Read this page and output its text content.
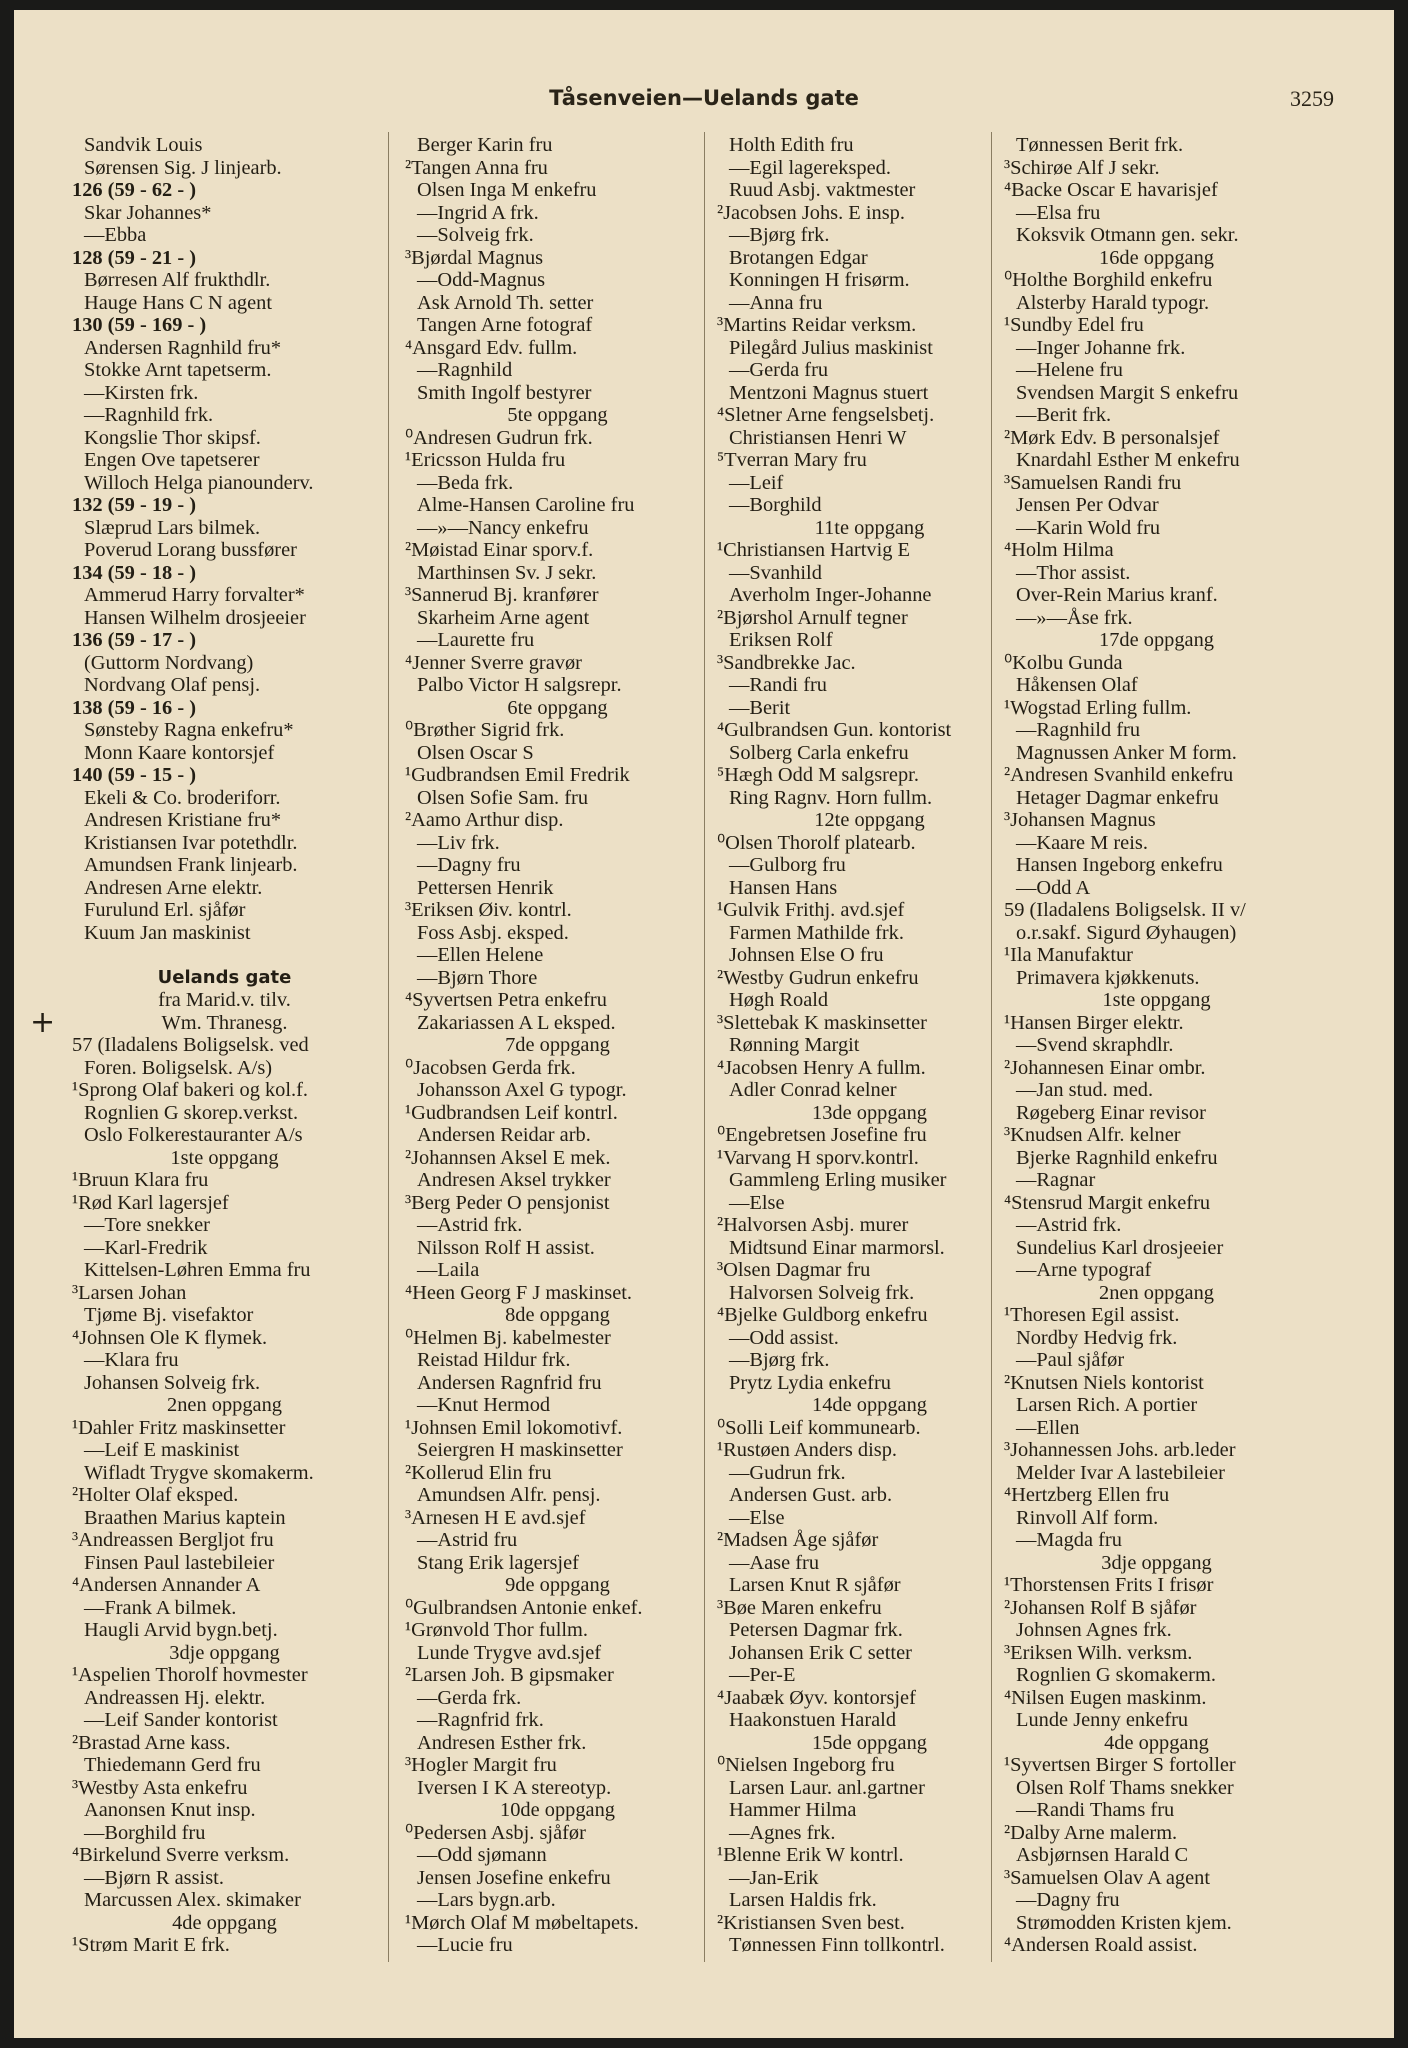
Tåsenveien—Uelands gate	3259
Sandvik Louis
Sørensen Sig. J linjearb.
126 (59 - 62 - )
Skar Johannes*
—Ebba
128 (59 - 21 - )
Børresen Alf frukthdlr.
Hauge Hans C N agent
130 (59 - 169 - )
Andersen Ragnhild fru*
Stokke Arnt tapetserm.
—Kirsten frk.
—Ragnhild frk.
Kongslie Thor skipsf.
Engen Ove tapetserer
Willoch Helga pianounderv.
132 (59 - 19 - )
Slæprud Lars bilmek.
Poverud Lorang bussfører
134 (59 - 18 - )
Ammerud Harry forvalter*
Hansen Wilhelm drosjeeier
136 (59 - 17 - )
(Guttorm Nordvang)
Nordvang Olaf pensj.
138 (59 - 16 - )
Sønsteby Ragna enkefru*
Monn Kaare kontorsjef
140 (59 - 15 - )
Ekeli & Co. broderiforr.
Andresen Kristiane fru*
Kristiansen Ivar potethdlr.
Amundsen Frank linjearb.
Andresen Arne elektr.
Furulund Erl. sjåfør
Kuum Jan maskinist
Uelands gate
fra Marid.v. tilv.
+	Wm. Thranesg.
57 (Iladalens Boligselsk. ved
Foren. Boligselsk. A/s)
¹Sprong Olaf bakeri og kol.f.
Rognlien G skorep.verkst.
Oslo Folkerestauranter A/s
1ste oppgang
¹Bruun Klara fru
¹Rød Karl lagersjef
—Tore snekker
—Karl-Fredrik
Kittelsen-Løhren Emma fru
³Larsen Johan
Tjøme Bj. visefaktor
⁴Johnsen Ole K flymek.
—Klara fru
Johansen Solveig frk.
2nen oppgang
¹Dahler Fritz maskinsetter
—Leif E maskinist
Wifladt Trygve skomakerm.
²Holter Olaf eksped.
Braathen Marius kaptein
³Andreassen Bergljot fru
Finsen Paul lastebileier
⁴Andersen Annander A
—Frank A bilmek.
Haugli Arvid bygn.betj.
3dje oppgang
¹Aspelien Thorolf hovmester
Andreassen Hj. elektr.
—Leif Sander kontorist
²Brastad Arne kass.
Thiedemann Gerd fru
³Westby Asta enkefru
Aanonsen Knut insp.
—Borghild fru
⁴Birkelund Sverre verksm.
—Bjørn R assist.
Marcussen Alex. skimaker
4de oppgang
¹Strøm Marit E frk.
Berger Karin fru
²Tangen Anna fru
Olsen Inga M enkefru
—Ingrid A frk.
—Solveig frk.
³Bjørdal Magnus
—Odd-Magnus
Ask Arnold Th. setter
Tangen Arne fotograf
⁴Ansgard Edv. fullm.
—Ragnhild
Smith Ingolf bestyrer
5te oppgang
⁰Andresen Gudrun frk.
¹Ericsson Hulda fru
—Beda frk.
Alme-Hansen Caroline fru
—»—Nancy enkefru
²Møistad Einar sporv.f.
Marthinsen Sv. J sekr.
³Sannerud Bj. kranfører
Skarheim Arne agent
—Laurette fru
⁴Jenner Sverre gravør
Palbo Victor H salgsrepr.
6te oppgang
⁰Brøther Sigrid frk.
Olsen Oscar S
¹Gudbrandsen Emil Fredrik
Olsen Sofie Sam. fru
²Aamo Arthur disp.
—Liv frk.
—Dagny fru
Pettersen Henrik
³Eriksen Øiv. kontrl.
Foss Asbj. eksped.
—Ellen Helene
—Bjørn Thore
⁴Syvertsen Petra enkefru
Zakariassen A L eksped.
7de oppgang
⁰Jacobsen Gerda frk.
Johansson Axel G typogr.
¹Gudbrandsen Leif kontrl.
Andersen Reidar arb.
²Johannsen Aksel E mek.
Andresen Aksel trykker
³Berg Peder O pensjonist
—Astrid frk.
Nilsson Rolf H assist.
—Laila
⁴Heen Georg F J maskinset.
8de oppgang
⁰Helmen Bj. kabelmester
Reistad Hildur frk.
Andersen Ragnfrid fru
—Knut Hermod
¹Johnsen Emil lokomotivf.
Seiergren H maskinsetter
²Kollerud Elin fru
Amundsen Alfr. pensj.
³Arnesen H E avd.sjef
—Astrid fru
Stang Erik lagersjef
9de oppgang
⁰Gulbrandsen Antonie enkef.
¹Grønvold Thor fullm.
Lunde Trygve avd.sjef
²Larsen Joh. B gipsmaker
—Gerda frk.
—Ragnfrid frk.
Andresen Esther frk.
³Hogler Margit fru
Iversen I K A stereotyp.
10de oppgang
⁰Pedersen Asbj. sjåfør
—Odd sjømann
Jensen Josefine enkefru
—Lars bygn.arb.
¹Mørch Olaf M møbeltapets.
—Lucie fru
Holth Edith fru
—Egil lagereksped.
Ruud Asbj. vaktmester
²Jacobsen Johs. E insp.
—Bjørg frk.
Brotangen Edgar
Konningen H frisørm.
—Anna fru
³Martins Reidar verksm.
Pilegård Julius maskinist
—Gerda fru
Mentzoni Magnus stuert
⁴Sletner Arne fengselsbetj.
Christiansen Henri W
⁵Tverran Mary fru
—Leif
—Borghild
11te oppgang
¹Christiansen Hartvig E
—Svanhild
Averholm Inger-Johanne
²Bjørshol Arnulf tegner
Eriksen Rolf
³Sandbrekke Jac.
—Randi fru
—Berit
⁴Gulbrandsen Gun. kontorist
Solberg Carla enkefru
⁵Hægh Odd M salgsrepr.
Ring Ragnv. Horn fullm.
12te oppgang
⁰Olsen Thorolf platearb.
—Gulborg fru
Hansen Hans
¹Gulvik Frithj. avd.sjef
Farmen Mathilde frk.
Johnsen Else O fru
²Westby Gudrun enkefru
Høgh Roald
³Slettebak K maskinsetter
Rønning Margit
⁴Jacobsen Henry A fullm.
Adler Conrad kelner
13de oppgang
⁰Engebretsen Josefine fru
¹Varvang H sporv.kontrl.
Gammleng Erling musiker
—Else
²Halvorsen Asbj. murer
Midtsund Einar marmorsl.
³Olsen Dagmar fru
Halvorsen Solveig frk.
⁴Bjelke Guldborg enkefru
—Odd assist.
—Bjørg frk.
Prytz Lydia enkefru
14de oppgang
⁰Solli Leif kommunearb.
¹Rustøen Anders disp.
—Gudrun frk.
Andersen Gust. arb.
—Else
²Madsen Åge sjåfør
—Aase fru
Larsen Knut R sjåfør
³Bøe Maren enkefru
Petersen Dagmar frk.
Johansen Erik C setter
—Per-E
⁴Jaabæk Øyv. kontorsjef
Haakonstuen Harald
15de oppgang
⁰Nielsen Ingeborg fru
Larsen Laur. anl.gartner
Hammer Hilma
—Agnes frk.
¹Blenne Erik W kontrl.
—Jan-Erik
Larsen Haldis frk.
²Kristiansen Sven best.
Tønnessen Finn tollkontrl.
Tønnessen Berit frk.
³Schirøe Alf J sekr.
⁴Backe Oscar E havarisjef
—Elsa fru
Koksvik Otmann gen. sekr.
16de oppgang
⁰Holthe Borghild enkefru
Alsterby Harald typogr.
¹Sundby Edel fru
—Inger Johanne frk.
—Helene fru
Svendsen Margit S enkefru
—Berit frk.
²Mørk Edv. B personalsjef
Knardahl Esther M enkefru
³Samuelsen Randi fru
Jensen Per Odvar
—Karin Wold fru
⁴Holm Hilma
—Thor assist.
Over-Rein Marius kranf.
—»—Åse frk.
17de oppgang
⁰Kolbu Gunda
Håkensen Olaf
¹Wogstad Erling fullm.
—Ragnhild fru
Magnussen Anker M form.
²Andresen Svanhild enkefru
Hetager Dagmar enkefru
³Johansen Magnus
—Kaare M reis.
Hansen Ingeborg enkefru
—Odd A
59 (Iladalens Boligselsk. II v/
o.r.sakf. Sigurd Øyhaugen)
¹Ila Manufaktur
Primavera kjøkkenuts.
1ste oppgang
¹Hansen Birger elektr.
—Svend skraphdlr.
²Johannesen Einar ombr.
—Jan stud. med.
Røgeberg Einar revisor
³Knudsen Alfr. kelner
Bjerke Ragnhild enkefru
—Ragnar
⁴Stensrud Margit enkefru
—Astrid frk.
Sundelius Karl drosjeeier
—Arne typograf
2nen oppgang
¹Thoresen Egil assist.
Nordby Hedvig frk.
—Paul sjåfør
²Knutsen Niels kontorist
Larsen Rich. A portier
—Ellen
³Johannessen Johs. arb.leder
Melder Ivar A lastebileier
⁴Hertzberg Ellen fru
Rinvoll Alf form.
—Magda fru
3dje oppgang
¹Thorstensen Frits I frisør
²Johansen Rolf B sjåfør
Johnsen Agnes frk.
³Eriksen Wilh. verksm.
Rognlien G skomakerm.
⁴Nilsen Eugen maskinm.
Lunde Jenny enkefru
4de oppgang
¹Syvertsen Birger S fortoller
Olsen Rolf Thams snekker
—Randi Thams fru
²Dalby Arne malerm.
Asbjørnsen Harald C
³Samuelsen Olav A agent
—Dagny fru
Strømodden Kristen kjem.
⁴Andersen Roald assist.
